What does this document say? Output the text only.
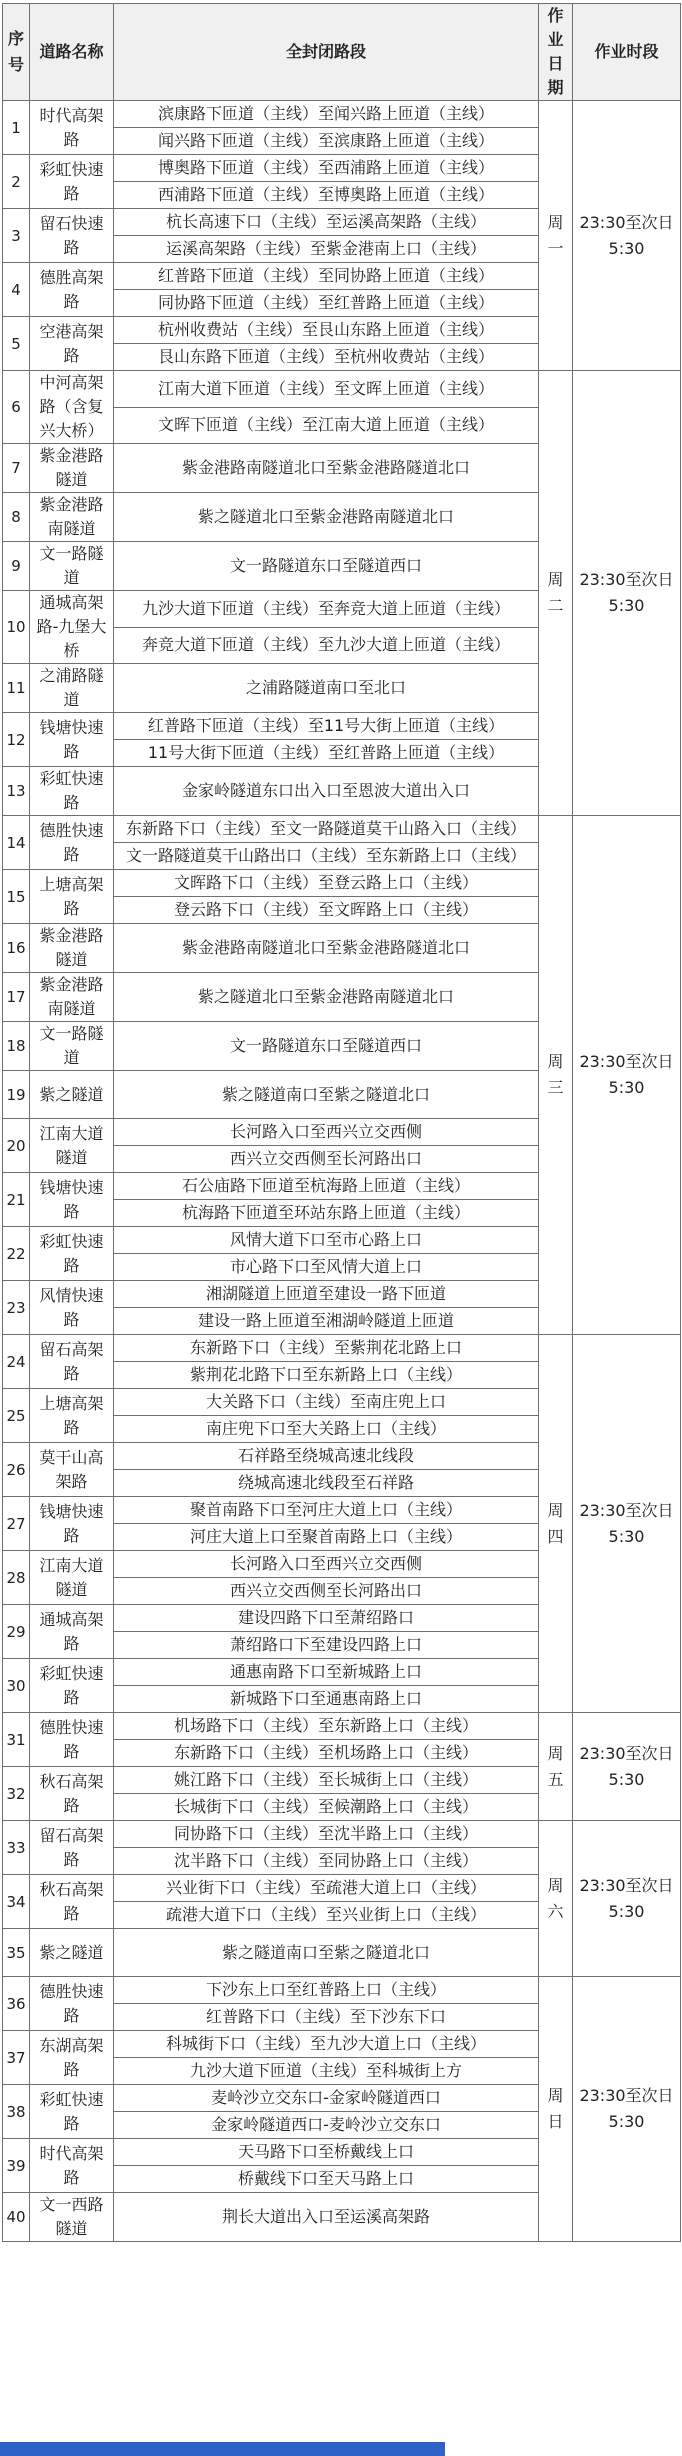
序号	道路名称	全封闭路段	作业日期	作业时段
1	时代高架路	滨康路下匝道（主线）至闻兴路上匝道（主线）	周一	23:30至次日5:30
		闻兴路下匝道（主线）至滨康路上匝道（主线）		
2	彩虹快速路	博奥路下匝道（主线）至西浦路上匝道（主线）		
		西浦路下匝道（主线）至博奥路上匝道（主线）		
3	留石快速路	杭长高速下口（主线）至运溪高架路（主线）		
		运溪高架路（主线）至紫金港南上口（主线）		
4	德胜高架路	红普路下匝道（主线）至同协路上匝道（主线）		
		同协路下匝道（主线）至红普路上匝道（主线）		
5	空港高架路	杭州收费站（主线）至艮山东路上匝道（主线）		
		艮山东路下匝道（主线）至杭州收费站（主线）		
6	中河高架路（含复兴大桥）	江南大道下匝道（主线）至文晖上匝道（主线）	周二	23:30至次日5:30
		文晖下匝道（主线）至江南大道上匝道（主线）		
7	紫金港路隧道	紫金港路南隧道北口至紫金港路隧道北口		
8	紫金港路南隧道	紫之隧道北口至紫金港路南隧道北口		
9	文一路隧道	文一路隧道东口至隧道西口		
10	通城高架路-九堡大桥	九沙大道下匝道（主线）至奔竞大道上匝道（主线）		
		奔竞大道下匝道（主线）至九沙大道上匝道（主线）		
11	之浦路隧道	之浦路隧道南口至北口		
12	钱塘快速路	红普路下匝道（主线）至11号大街上匝道（主线）		
		11号大街下匝道（主线）至红普路上匝道（主线）		
13	彩虹快速路	金家岭隧道东口出入口至恩波大道出入口		
14	德胜快速路	东新路下口（主线）至文一路隧道莫干山路入口（主线）	周三	23:30至次日5:30
		文一路隧道莫干山路出口（主线）至东新路上口（主线）		
15	上塘高架路	文晖路下口（主线）至登云路上口（主线）		
		登云路下口（主线）至文晖路上口（主线）		
16	紫金港路隧道	紫金港路南隧道北口至紫金港路隧道北口		
17	紫金港路南隧道	紫之隧道北口至紫金港路南隧道北口		
18	文一路隧道	文一路隧道东口至隧道西口		
19	紫之隧道	紫之隧道南口至紫之隧道北口		
20	江南大道隧道	长河路入口至西兴立交西侧		
		西兴立交西侧至长河路出口		
21	钱塘快速路	石公庙路下匝道至杭海路上匝道（主线）		
		杭海路下匝道至环站东路上匝道（主线）		
22	彩虹快速路	风情大道下口至市心路上口		
		市心路下口至风情大道上口		
23	风情快速路	湘湖隧道上匝道至建设一路下匝道		
		建设一路上匝道至湘湖岭隧道上匝道		
24	留石高架路	东新路下口（主线）至紫荆花北路上口	周四	23:30至次日5:30
		紫荆花北路下口至东新路上口（主线）		
25	上塘高架路	大关路下口（主线）至南庄兜上口		
		南庄兜下口至大关路上口（主线）		
26	莫干山高架路	石祥路至绕城高速北线段		
		绕城高速北线段至石祥路		
27	钱塘快速路	聚首南路下口至河庄大道上口（主线）		
		河庄大道上口至聚首南路上口（主线）		
28	江南大道隧道	长河路入口至西兴立交西侧		
		西兴立交西侧至长河路出口		
29	通城高架路	建设四路下口至萧绍路口		
		萧绍路口下至建设四路上口		
30	彩虹快速路	通惠南路下口至新城路上口		
		新城路下口至通惠南路上口		
31	德胜快速路	机场路下口（主线）至东新路上口（主线）	周五	23:30至次日5:30
		东新路下口（主线）至机场路上口（主线）		
32	秋石高架路	姚江路下口（主线）至长城街上口（主线）		
		长城街下口（主线）至候潮路上口（主线）		
33	留石高架路	同协路下口（主线）至沈半路上口（主线）	周六	23:30至次日5:30
		沈半路下口（主线）至同协路上口（主线）		
34	秋石高架路	兴业街下口（主线）至疏港大道上口（主线）		
		疏港大道下口（主线）至兴业街上口（主线）		
35	紫之隧道	紫之隧道南口至紫之隧道北口		
36	德胜快速路	下沙东上口至红普路上口（主线）	周日	23:30至次日5:30
		红普路下口（主线）至下沙东下口		
37	东湖高架路	科城街下口（主线）至九沙大道上口（主线）		
		九沙大道下匝道（主线）至科城街上方		
38	彩虹快速路	麦岭沙立交东口-金家岭隧道西口		
		金家岭隧道西口-麦岭沙立交东口		
39	时代高架路	天马路下口至桥戴线上口		
		桥戴线下口至天马路上口		
40	文一西路隧道	荆长大道出入口至运溪高架路		
